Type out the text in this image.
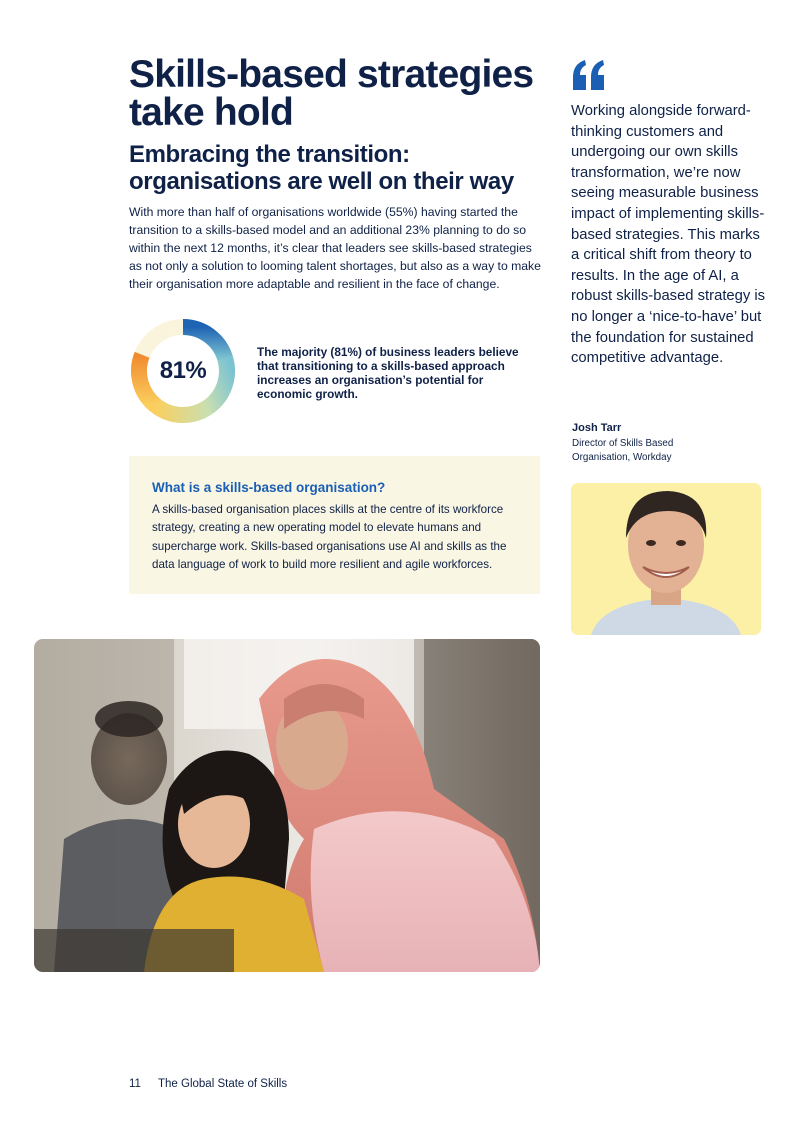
Skills-based strategies
take hold
Embracing the transition:
organisations are well on their way

With more than half of organisations worldwide (55%) having started the transition to a skills-based model and an additional 23% planning to do so within the next 12 months, it’s clear that leaders see skills-based strategies as not only a solution to looming talent shortages, but also as a way to make their organisation more adaptable and resilient in the face of change.

81%

The majority (81%) of business leaders believe that transitioning to a skills-based approach increases an organisation’s potential for economic growth.

What is a skills-based organisation?

A skills-based organisation places skills at the centre of its workforce strategy, creating a new operating model to elevate humans and supercharge work. Skills-based organisations use AI and skills as the data language of work to build more resilient and agile workforces.

Working alongside forward-thinking customers and undergoing our own skills transformation, we’re now seeing measurable business impact of implementing skills-based strategies. This marks a critical shift from theory to results. In the age of AI, a robust skills-based strategy is no longer a ‘nice-to-have’ but the foundation for sustained competitive advantage.

Josh Tarr

Director of Skills Based Organisation, Workday

11 The Global State of Skills
